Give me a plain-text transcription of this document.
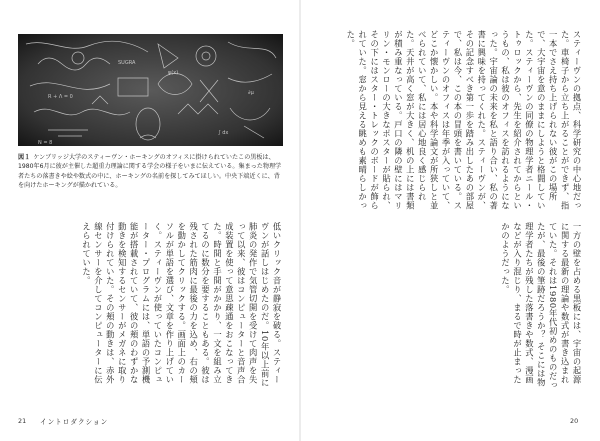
R + Λ = 0
ψ(x)
SUGRA
∫ dx
N = 8
∂μ
図１ ケンブリッジ大学のスティーヴン・ホーキングのオフィスに掛けられていたこの黒板は、1980年6月に彼が主催した超重力理論に関する学会の様子をいまに伝えている。集まった物理学者たちの落書きや絵や数式の中に、ホーキングの名前を探してみてほしい。中央下端近くに、背を向けたホーキングが描かれている。	スティーヴンの拠点、科学研究の中心地だった。車椅子から立ち上がることができず、指一本でさえ持ち上げられない彼がこの場所で、大宇宙を意のままにしようと格闘していた。スティーヴンの同僚の物理学者ニール・トゥロックから、先生を紹介されてからというもの、私は彼のオフィスを訪れるようになった。宇宙論の未来を私と語り合い、私の著書に興味を持ってくれた。スティーヴンが、その記念すべき第一歩を踏み出したあの部屋で、私は今、この本の冒頭を書いている。スティーヴンのオフィスは年季が入っていて、どこか懐かしい。本や科学論文が所狭しと並べられていて、私には居心地良く感じられた。天井が高く窓が大きく、机の上には書類が積み重なっている。戸口の隣の壁にはマリリン・モンローの大きなポスターが貼られ、その下にはスター・トレックのボードが飾られていた。窓から見える眺めも素晴らしかった。

一方の壁を占める黒板には、宇宙の起源に関する最新の理論や数式が書き込まれていた。それは1980年代初めのものだったが、最後の筆跡だろうか？ そこには物理学者たちが残した落書きや数式、漫画などが入り混じり、まるで時が止まったかのようだった。

低いクリック音が静寂を破る。スティーヴンが話しはじめたのだ。10年以上前に肺炎の発作で気管切開を受けて肉声を失って以来、彼はコンピューターと音声合成装置を使って意思疎通をおこなってきた。時間と手間がかかり、一文を組み立てるのに数分を要することもある。彼は残された筋肉に最後の力を込め、右の頬を動かしてクリックする。画面上のカーソルが単語を選び、文章を作り上げていく。スティーヴンが使っていたコンピューター・プログラムには、単語の予測機能が搭載されていて、彼の頬のわずかな動きを検知するセンサーがメガネに取り付けられていた。その頬の動きは、赤外線センサーを介してコンピューターに伝えられていた。

21 イントロダクション	20
